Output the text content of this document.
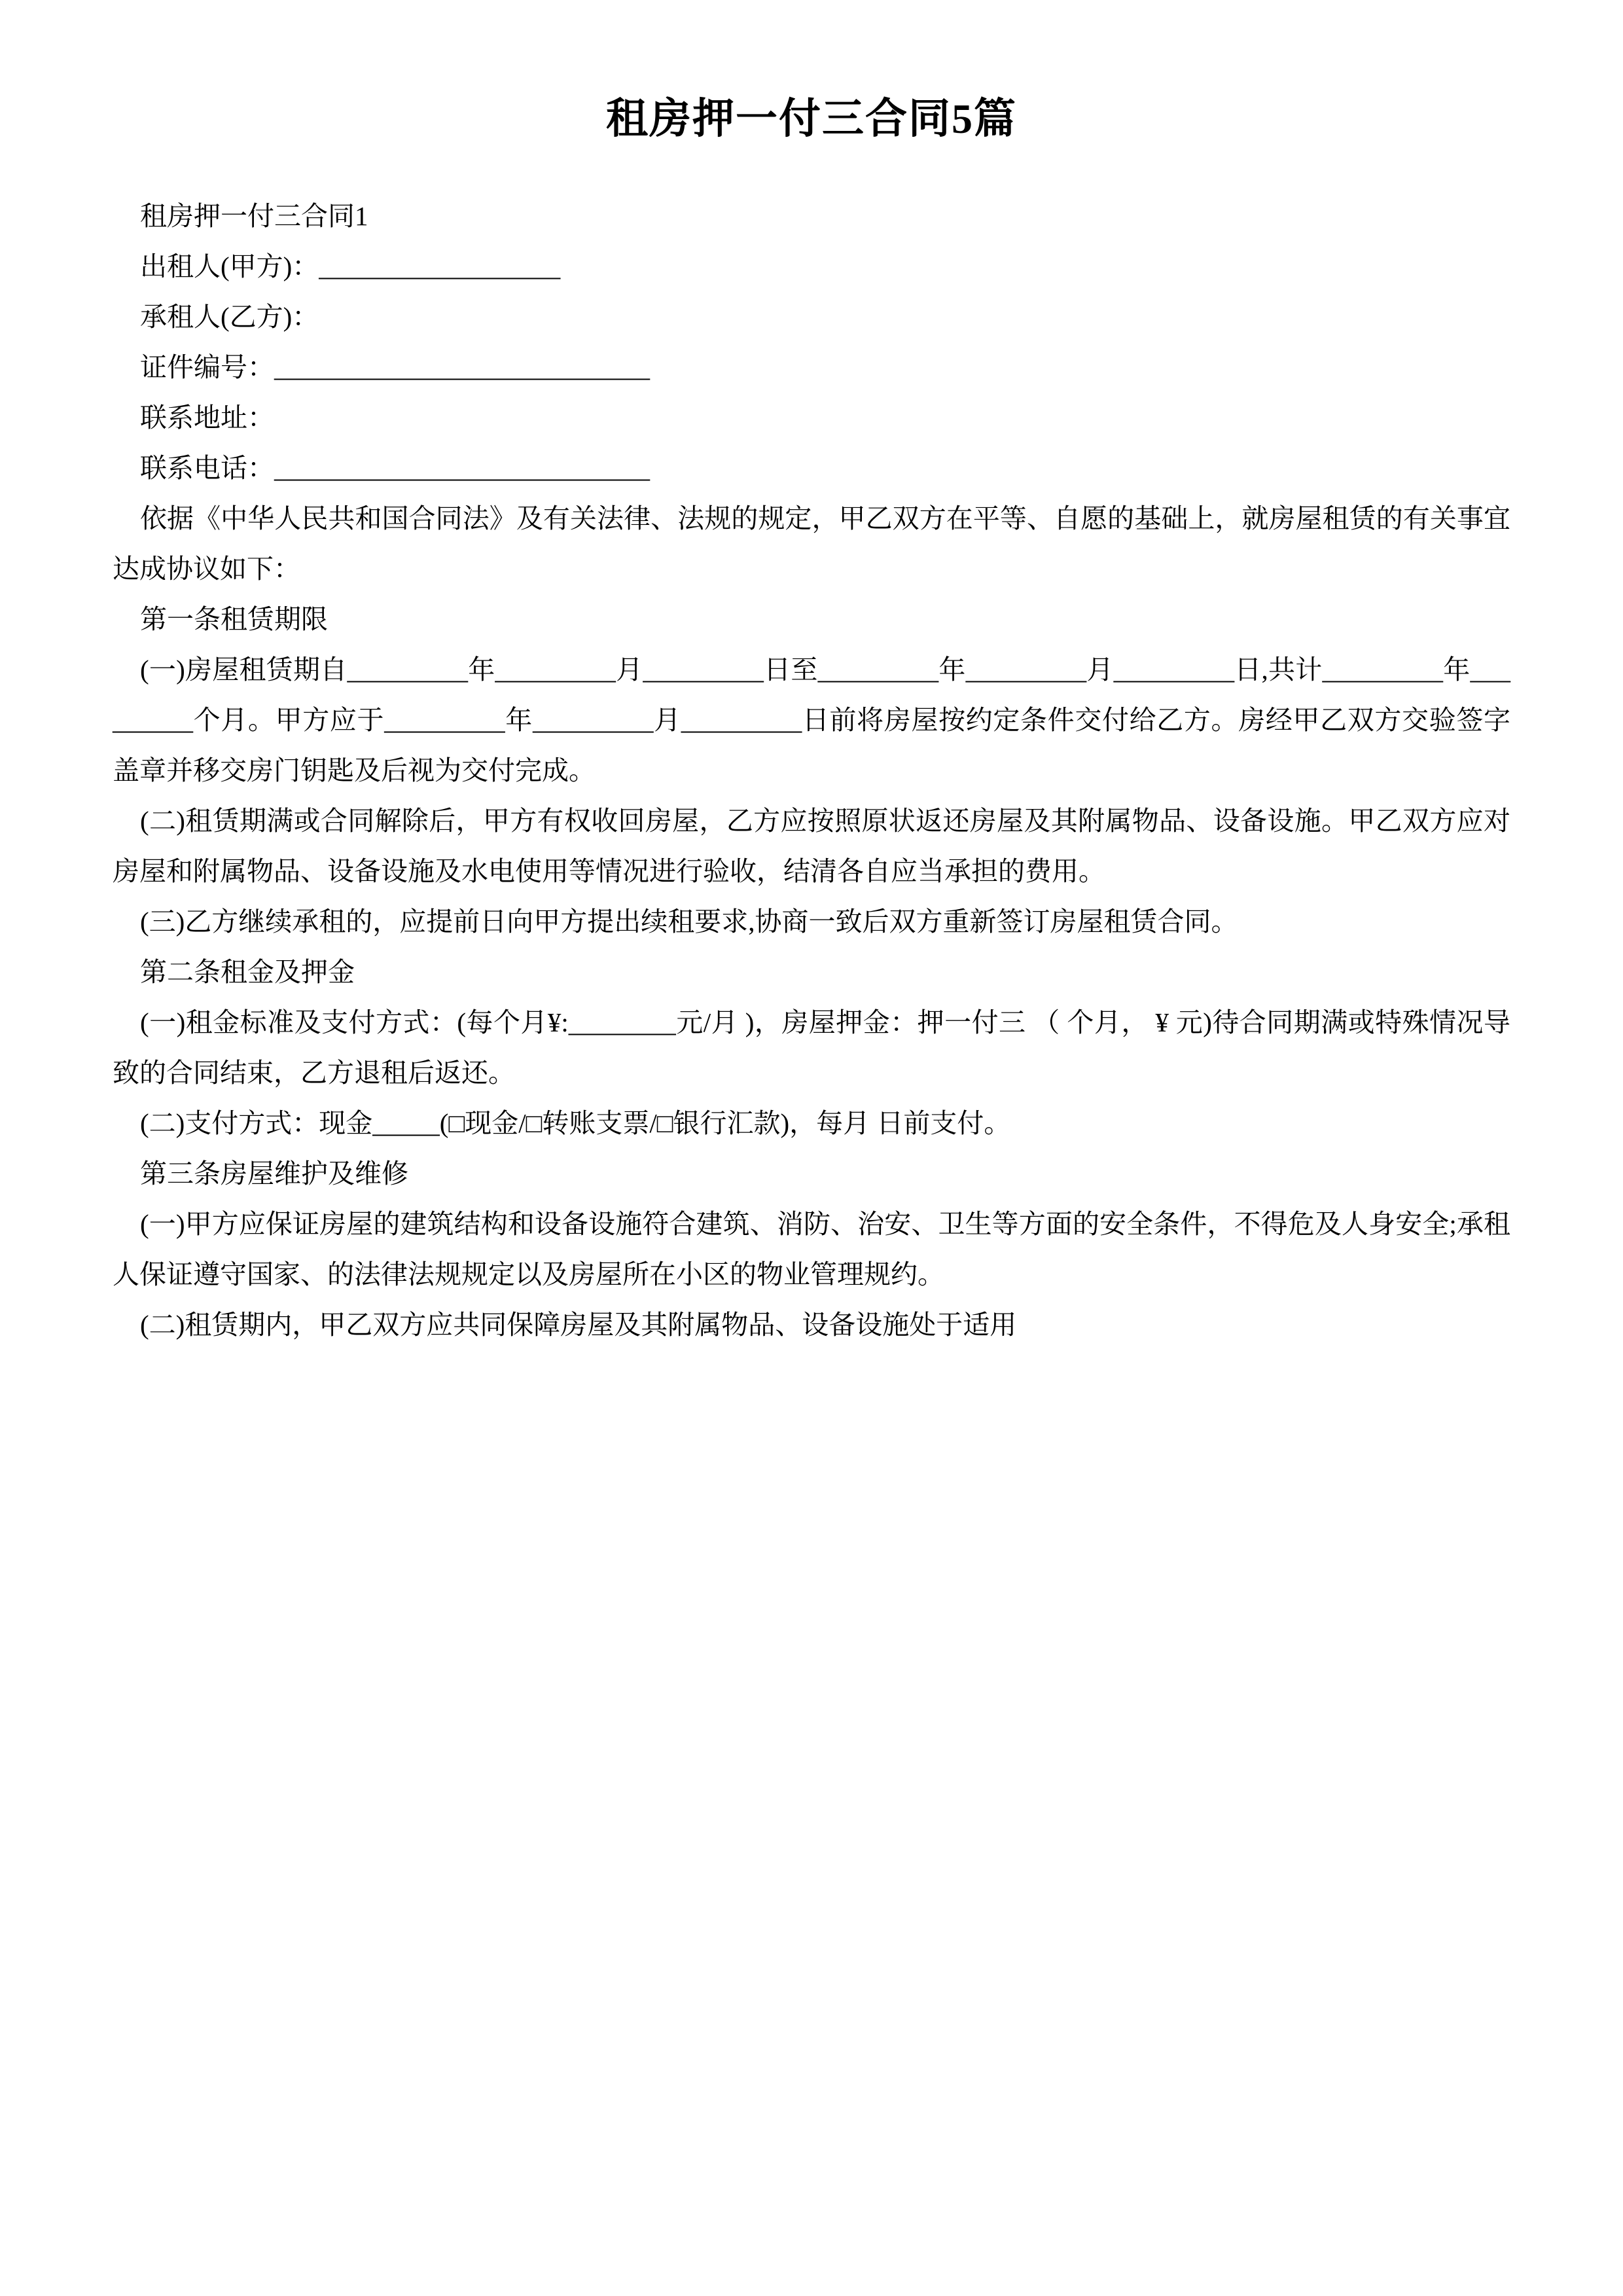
租房押一付三合同5篇

租房押一付三合同1

出租人(甲方)：__________________

承租人(乙方)：

证件编号：____________________________

联系地址：

联系电话：____________________________

依据《中华人民共和国合同法》及有关法律、法规的规定，甲乙双方在平等、自愿的基础上，就房屋租赁的有关事宜达成协议如下：

第一条租赁期限

(一)房屋租赁期自_________年_________月_________日至_________年_________月_________日,共计_________年_________个月。甲方应于_________年_________月_________日前将房屋按约定条件交付给乙方。房经甲乙双方交验签字盖章并移交房门钥匙及后视为交付完成。

(二)租赁期满或合同解除后，甲方有权收回房屋，乙方应按照原状返还房屋及其附属物品、设备设施。甲乙双方应对房屋和附属物品、设备设施及水电使用等情况进行验收，结清各自应当承担的费用。

(三)乙方继续承租的，应提前日向甲方提出续租要求,协商一致后双方重新签订房屋租赁合同。

第二条租金及押金

(一)租金标准及支付方式：(每个月¥:________元/月 )，房屋押金：押一付三 （ 个月， ¥ 元)待合同期满或特殊情况导致的合同结束，乙方退租后返还。

(二)支付方式：现金_____(□现金/□转账支票/□银行汇款)，每月 日前支付。

第三条房屋维护及维修

(一)甲方应保证房屋的建筑结构和设备设施符合建筑、消防、治安、卫生等方面的安全条件，不得危及人身安全;承租人保证遵守国家、的法律法规规定以及房屋所在小区的物业管理规约。

(二)租赁期内，甲乙双方应共同保障房屋及其附属物品、设备设施处于适用
